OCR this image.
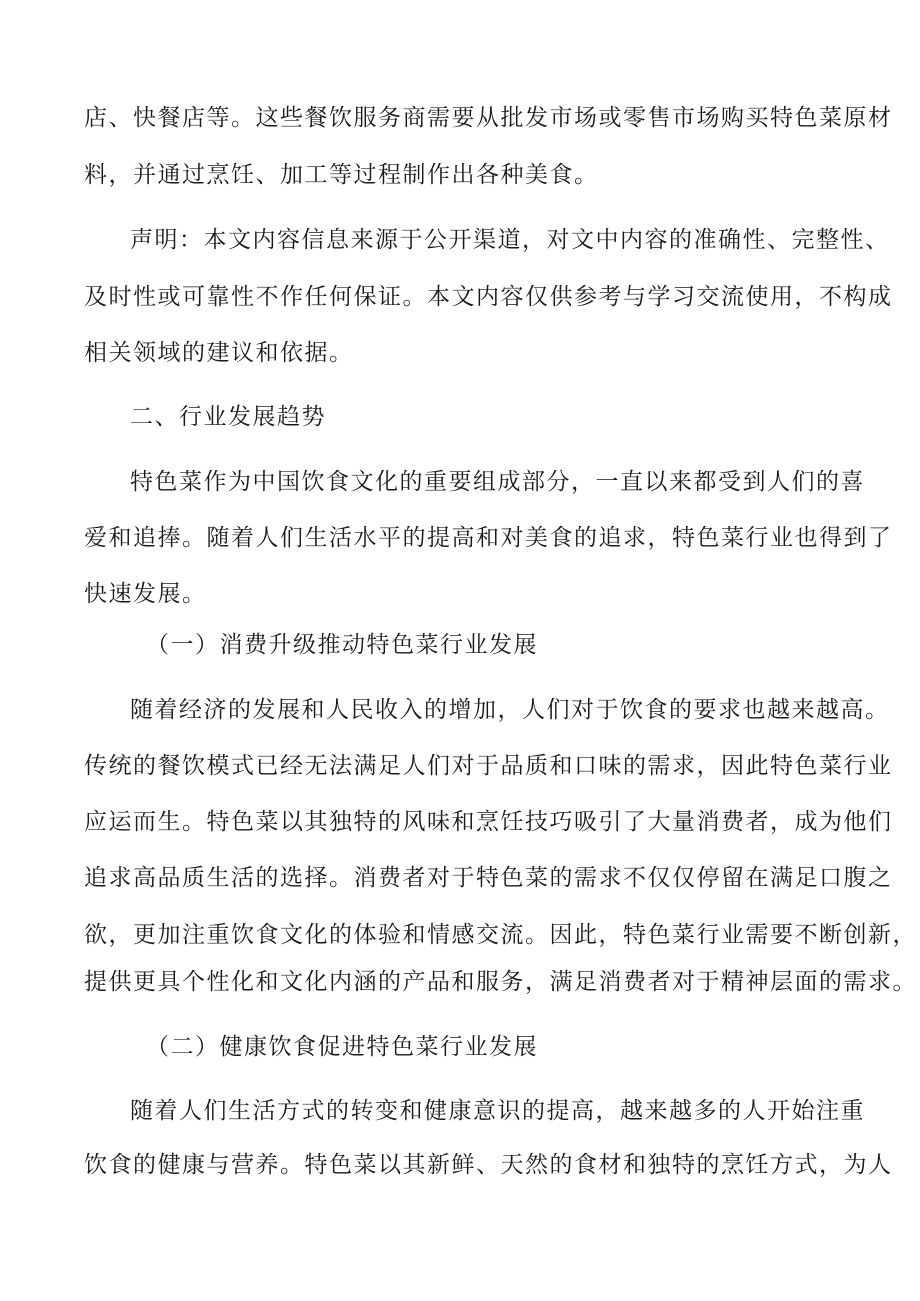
店、快餐店等。这些餐饮服务商需要从批发市场或零售市场购买特色菜原材
料，并通过烹饪、加工等过程制作出各种美食。
声明：本文内容信息来源于公开渠道，对文中内容的准确性、完整性、
及时性或可靠性不作任何保证。本文内容仅供参考与学习交流使用，不构成
相关领域的建议和依据。
二、行业发展趋势
特色菜作为中国饮食文化的重要组成部分，一直以来都受到人们的喜
爱和追捧。随着人们生活水平的提高和对美食的追求，特色菜行业也得到了
快速发展。
（一）消费升级推动特色菜行业发展
随着经济的发展和人民收入的增加，人们对于饮食的要求也越来越高。
传统的餐饮模式已经无法满足人们对于品质和口味的需求，因此特色菜行业
应运而生。特色菜以其独特的风味和烹饪技巧吸引了大量消费者，成为他们
追求高品质生活的选择。消费者对于特色菜的需求不仅仅停留在满足口腹之
欲，更加注重饮食文化的体验和情感交流。因此，特色菜行业需要不断创新，
提供更具个性化和文化内涵的产品和服务，满足消费者对于精神层面的需求。
（二）健康饮食促进特色菜行业发展
随着人们生活方式的转变和健康意识的提高，越来越多的人开始注重
饮食的健康与营养。特色菜以其新鲜、天然的食材和独特的烹饪方式，为人
